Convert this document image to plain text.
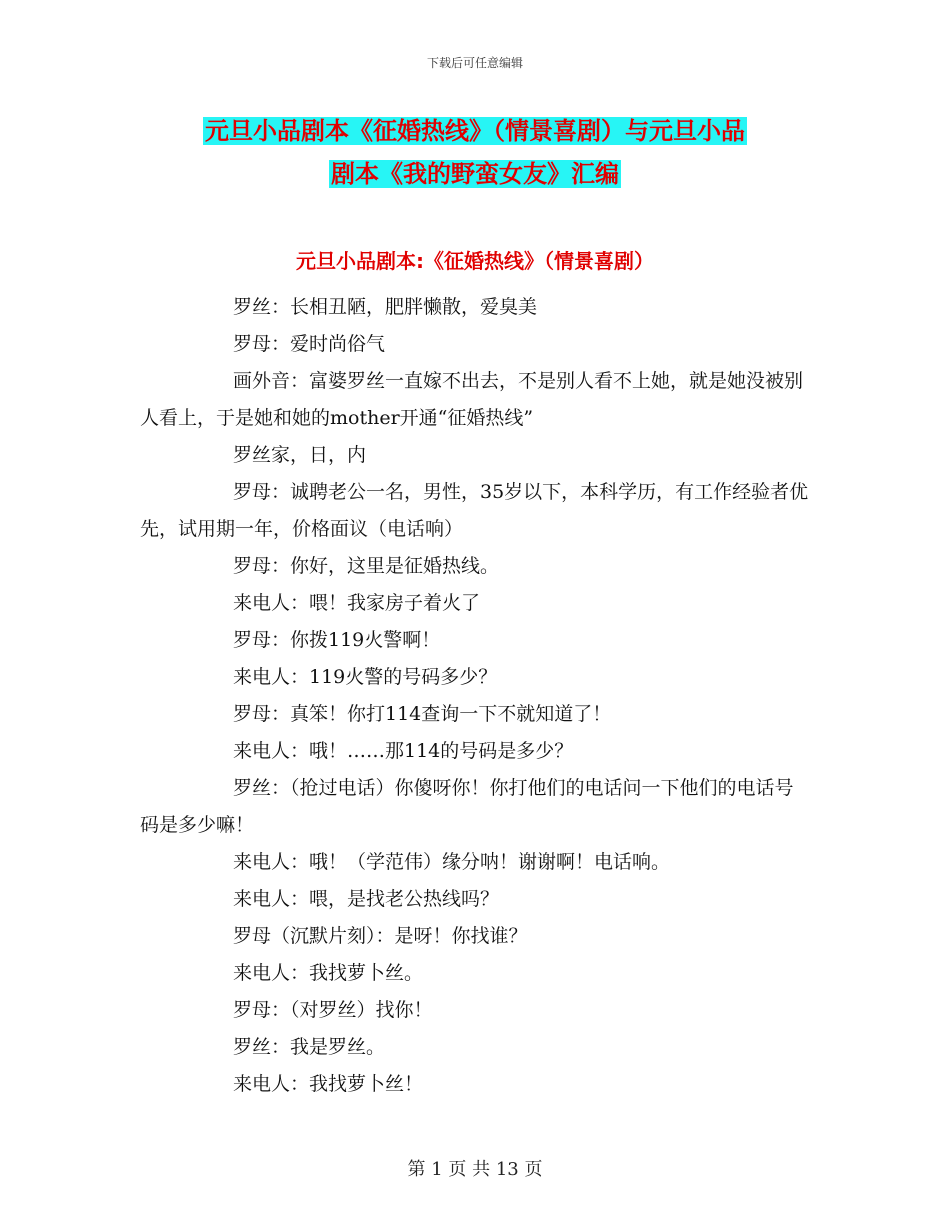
下载后可任意编辑
元旦小品剧本《征婚热线》（情景喜剧）与元旦小品
剧本《我的野蛮女友》汇编
元旦小品剧本:《征婚热线》（情景喜剧）

罗丝：长相丑陋，肥胖懒散，爱臭美

罗母：爱时尚俗气

画外音：富婆罗丝一直嫁不出去，不是别人看不上她，就是她没被别人看上，于是她和她的mother开通“征婚热线”

罗丝家，日，内

罗母：诚聘老公一名，男性，35岁以下，本科学历，有工作经验者优先，试用期一年，价格面议（电话响）

罗母：你好，这里是征婚热线。

来电人：喂！我家房子着火了

罗母：你拨119火警啊！

来电人：119火警的号码多少？

罗母：真笨！你打114查询一下不就知道了！

来电人：哦！……那114的号码是多少？

罗丝：（抢过电话）你傻呀你！你打他们的电话问一下他们的电话号码是多少嘛！

来电人：哦！（学范伟）缘分呐！谢谢啊！电话响。

来电人：喂，是找老公热线吗？

罗母（沉默片刻）：是呀！你找谁？

来电人：我找萝卜丝。

罗母：（对罗丝）找你！

罗丝：我是罗丝。

来电人：我找萝卜丝！

第 1 页 共 13 页
